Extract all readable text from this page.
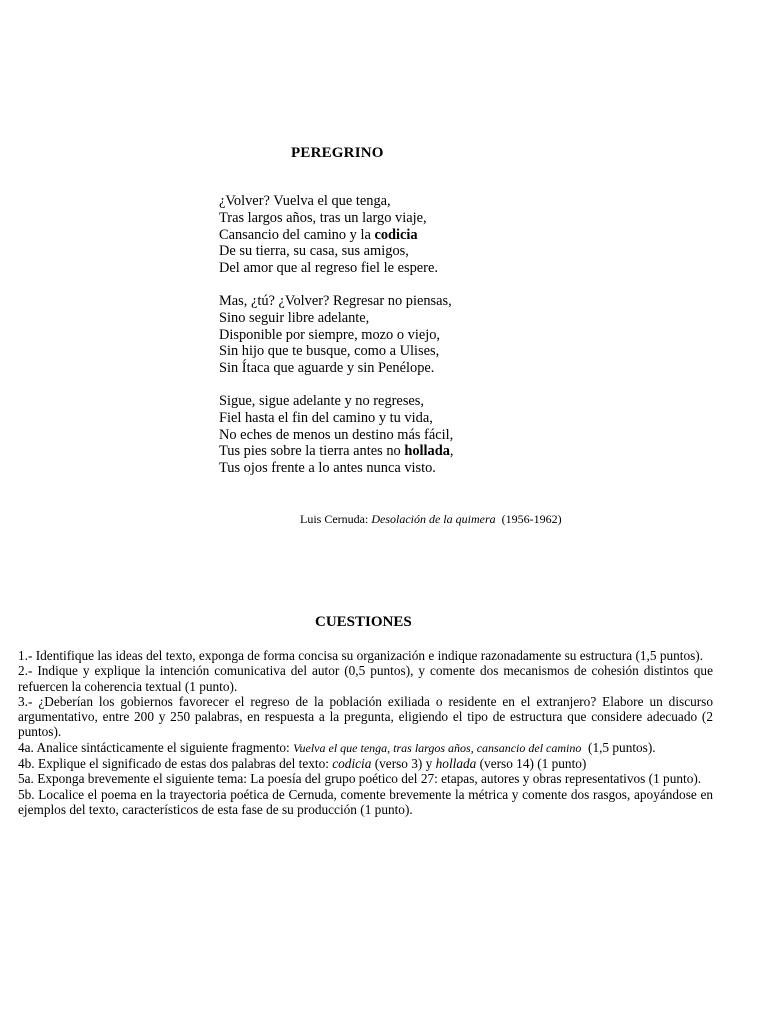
PEREGRINO
¿Volver? Vuelva el que tenga,
Tras largos años, tras un largo viaje,
Cansancio del camino y la codicia
De su tierra, su casa, sus amigos,
Del amor que al regreso fiel le espere.
Mas, ¿tú? ¿Volver? Regresar no piensas,
Sino seguir libre adelante,
Disponible por siempre, mozo o viejo,
Sin hijo que te busque, como a Ulises,
Sin Ítaca que aguarde y sin Penélope.
Sigue, sigue adelante y no regreses,
Fiel hasta el fin del camino y tu vida,
No eches de menos un destino más fácil,
Tus pies sobre la tierra antes no hollada,
Tus ojos frente a lo antes nunca visto.
Luis Cernuda: Desolación de la quimera  (1956-1962)
CUESTIONES

1.- Identifique las ideas del texto, exponga de forma concisa su organización e indique razonadamente su estructura (1,5 puntos).

2.- Indique y explique la intención comunicativa del autor (0,5 puntos), y comente dos mecanismos de cohesión distintos que refuercen la coherencia textual (1 punto).

3.- ¿Deberían los gobiernos favorecer el regreso de la población exiliada o residente en el extranjero? Elabore un discurso argumentativo, entre 200 y 250 palabras, en respuesta a la pregunta, eligiendo el tipo de estructura que considere adecuado (2 puntos).

4a. Analice sintácticamente el siguiente fragmento: Vuelva el que tenga, tras largos años, cansancio del camino  (1,5 puntos).

4b. Explique el significado de estas dos palabras del texto: codicia (verso 3) y hollada (verso 14) (1 punto)

5a. Exponga brevemente el siguiente tema: La poesía del grupo poético del 27: etapas, autores y obras representativos (1 punto).

5b. Localice el poema en la trayectoria poética de Cernuda, comente brevemente la métrica y comente dos rasgos, apoyándose en ejemplos del texto, característicos de esta fase de su producción (1 punto).
